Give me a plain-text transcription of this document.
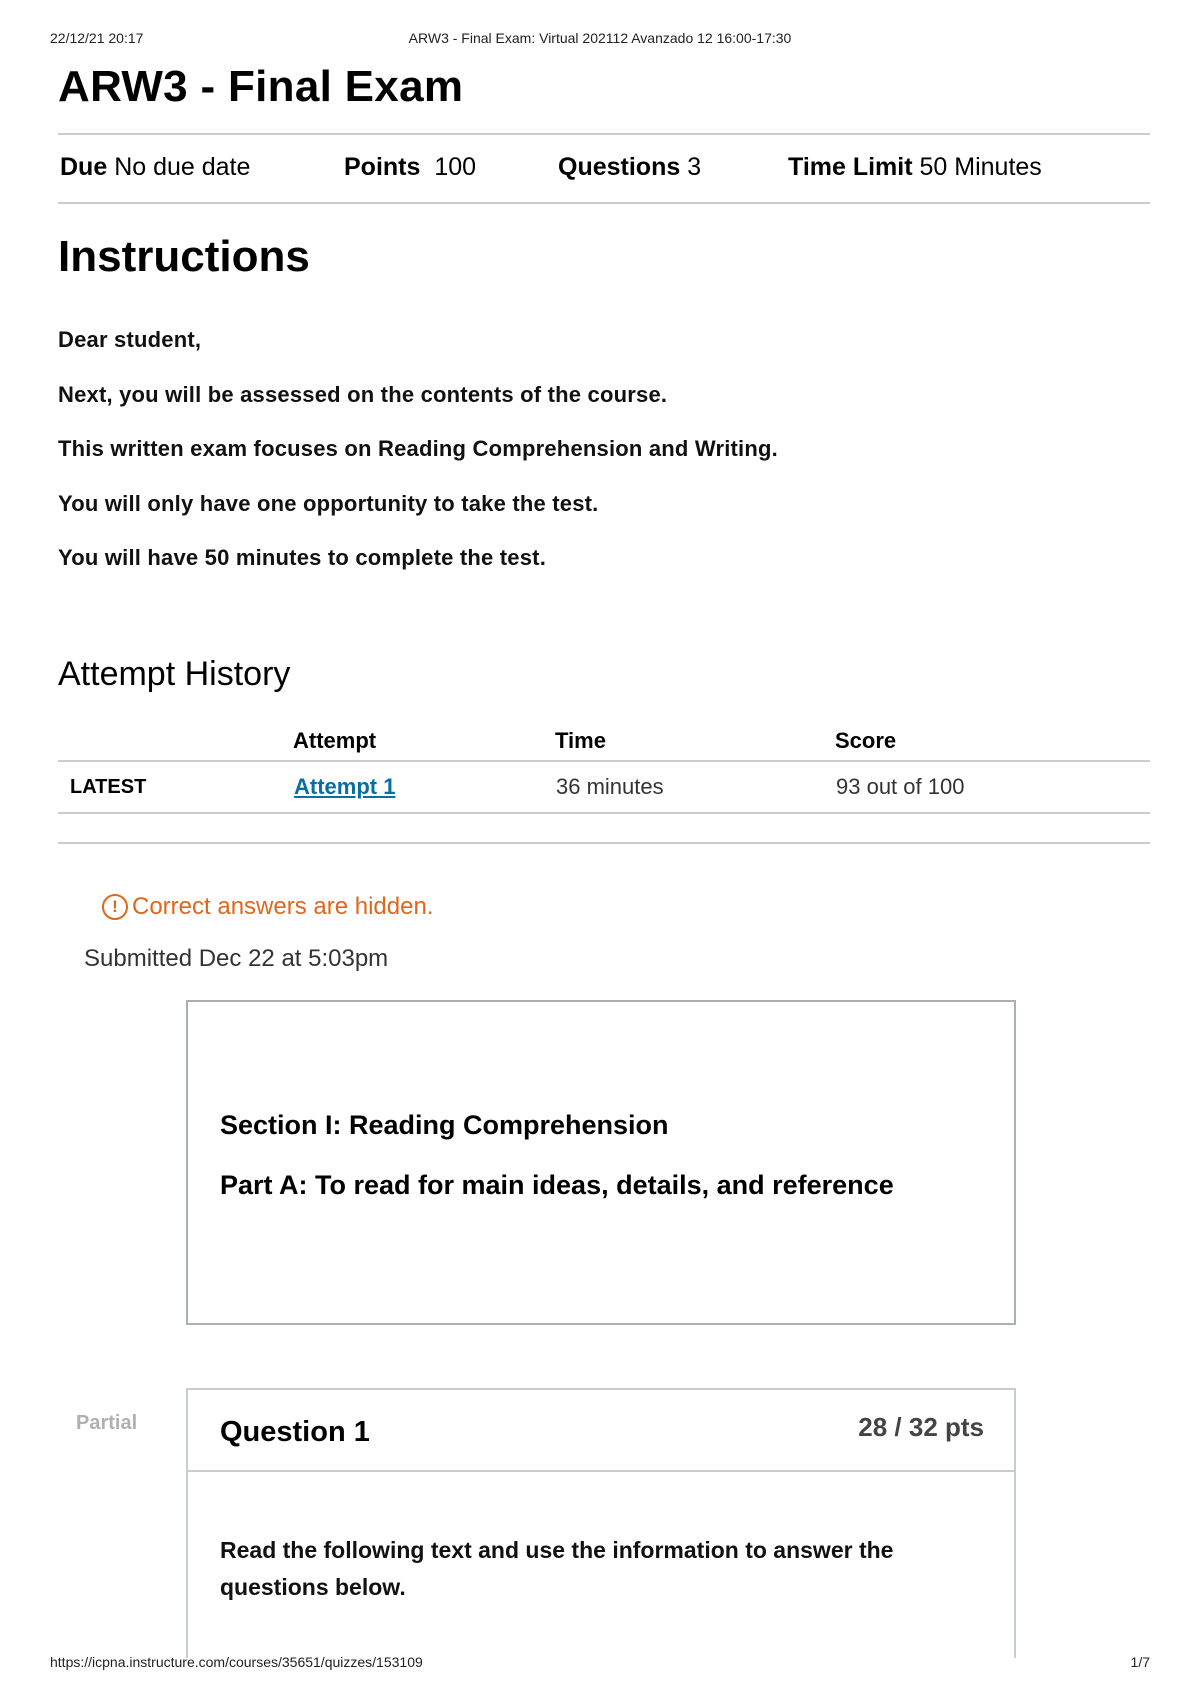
22/12/21 20:17	ARW3 - Final Exam: Virtual 202112 Avanzado 12 16:00-17:30
ARW3 - Final Exam
Due No due date	Points 100	Questions 3	Time Limit 50 Minutes
Instructions

Dear student,

Next, you will be assessed on the contents of the course.

This written exam focuses on Reading Comprehension and Writing.

You will only have one opportunity to take the test.

You will have 50 minutes to complete the test.

Attempt History
	Attempt	Time	Score
LATEST	Attempt 1	36 minutes	93 out of 100
! Correct answers are hidden.
Submitted Dec 22 at 5:03pm

Section I: Reading Comprehension

Part A: To read for main ideas, details, and reference

Partial	Question 1	28 / 32 pts

Read the following text and use the information to answer the questions below.

https://icpna.instructure.com/courses/35651/quizzes/153109	1/7
